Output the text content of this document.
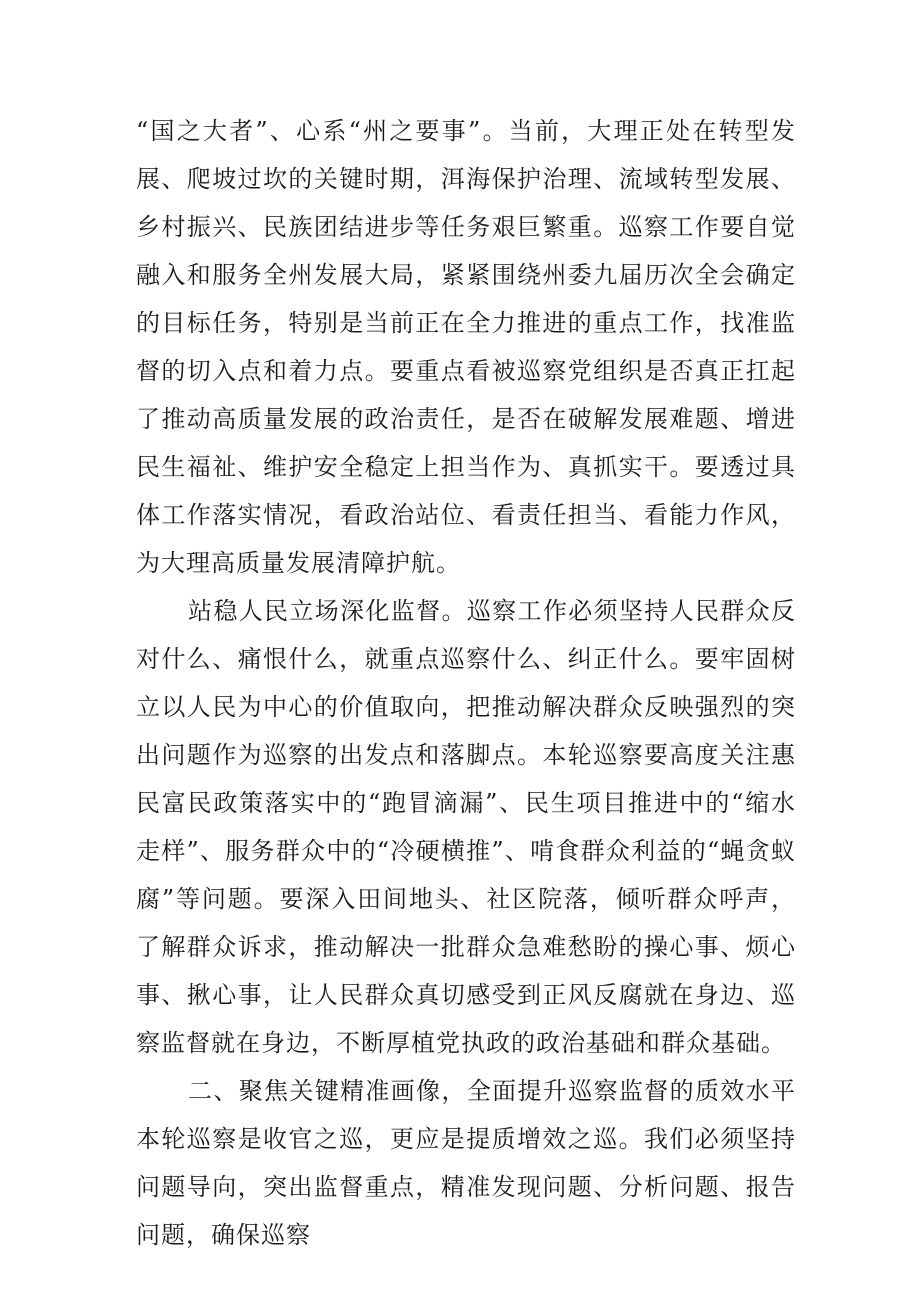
“国之大者”、心系“州之要事”。当前，大理正处在转型发展、爬坡过坎的关键时期，洱海保护治理、流域转型发展、乡村振兴、民族团结进步等任务艰巨繁重。巡察工作要自觉融入和服务全州发展大局，紧紧围绕州委九届历次全会确定的目标任务，特别是当前正在全力推进的重点工作，找准监督的切入点和着力点。要重点看被巡察党组织是否真正扛起了推动高质量发展的政治责任，是否在破解发展难题、增进民生福祉、维护安全稳定上担当作为、真抓实干。要透过具体工作落实情况，看政治站位、看责任担当、看能力作风，为大理高质量发展清障护航。

站稳人民立场深化监督。巡察工作必须坚持人民群众反对什么、痛恨什么，就重点巡察什么、纠正什么。要牢固树立以人民为中心的价值取向，把推动解决群众反映强烈的突出问题作为巡察的出发点和落脚点。本轮巡察要高度关注惠民富民政策落实中的“跑冒滴漏”、民生项目推进中的“缩水走样”、服务群众中的“冷硬横推”、啃食群众利益的“蝇贪蚁腐”等问题。要深入田间地头、社区院落，倾听群众呼声，了解群众诉求，推动解决一批群众急难愁盼的操心事、烦心事、揪心事，让人民群众真切感受到正风反腐就在身边、巡察监督就在身边，不断厚植党执政的政治基础和群众基础。

二、聚焦关键精准画像，全面提升巡察监督的质效水平本轮巡察是收官之巡，更应是提质增效之巡。我们必须坚持问题导向，突出监督重点，精准发现问题、分析问题、报告问题，确保巡察
